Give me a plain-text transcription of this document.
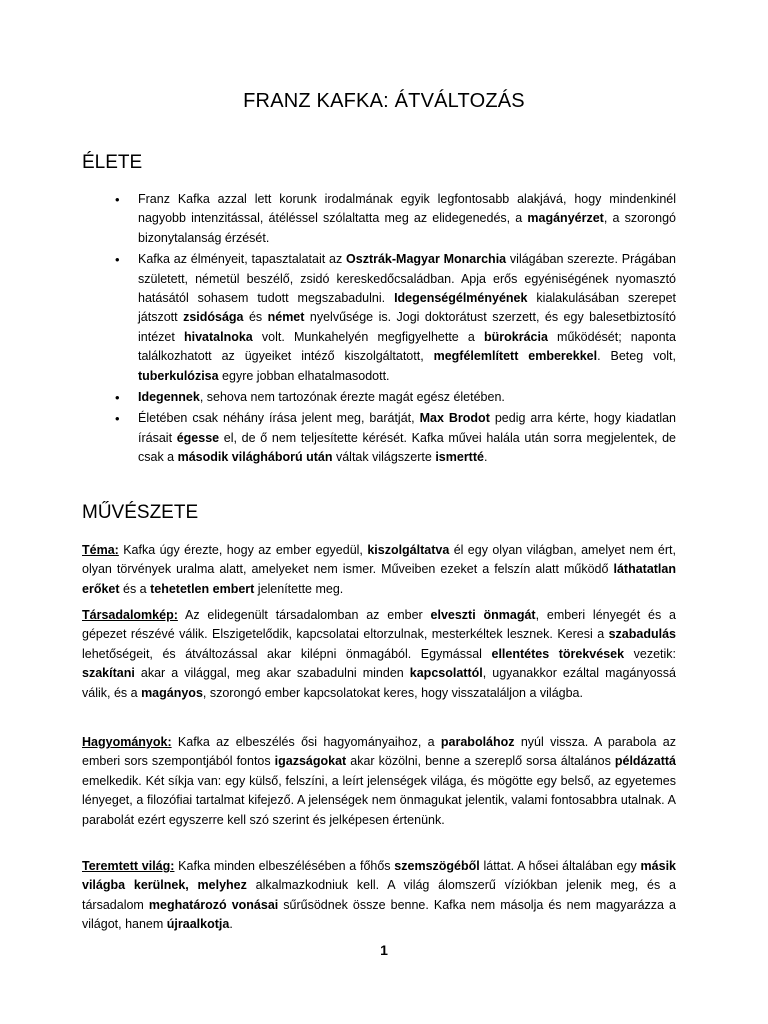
FRANZ KAFKA: ÁTVÁLTOZÁS
ÉLETE
• Franz Kafka azzal lett korunk irodalmának egyik legfontosabb alakjává, hogy mindenkinél nagyobb intenzitással, átéléssel szólaltatta meg az elidegenedés, a magányérzet, a szorongó bizonytalanság érzését.
• Kafka az élményeit, tapasztalatait az Osztrák-Magyar Monarchia világában szerezte. Prágában született, németül beszélő, zsidó kereskedőcsaládban. Apja erős egyéniségének nyomasztó hatásától sohasem tudott megszabadulni. Idegenségélményének kialakulásában szerepet játszott zsidósága és német nyelvűsége is. Jogi doktorátust szerzett, és egy balesetbiztosító intézet hivatalnoka volt. Munkahelyén megfigyelhette a bürokrácia működését; naponta találkozhatott az ügyeiket intéző kiszolgáltatott, megfélemlített emberekkel. Beteg volt, tuberkulózisa egyre jobban elhatalmasodott.
• Idegennek, sehova nem tartozónak érezte magát egész életében.
• Életében csak néhány írása jelent meg, barátját, Max Brodot pedig arra kérte, hogy kiadatlan írásait égesse el, de ő nem teljesítette kérését. Kafka művei halála után sorra megjelentek, de csak a második világháború után váltak világszerte ismertté.
MŰVÉSZETE

Téma: Kafka úgy érezte, hogy az ember egyedül, kiszolgáltatva él egy olyan világban, amelyet nem ért, olyan törvények uralma alatt, amelyeket nem ismer. Műveiben ezeket a felszín alatt működő láthatatlan erőket és a tehetetlen embert jelenítette meg.

Társadalomkép: Az elidegenült társadalomban az ember elveszti önmagát, emberi lényegét és a gépezet részévé válik. Elszigetelődik, kapcsolatai eltorzulnak, mesterkéltek lesznek. Keresi a szabadulás lehetőségeit, és átváltozással akar kilépni önmagából. Egymással ellentétes törekvések vezetik: szakítani akar a világgal, meg akar szabadulni minden kapcsolattól, ugyanakkor ezáltal magányossá válik, és a magányos, szorongó ember kapcsolatokat keres, hogy visszataláljon a világba.

Hagyományok: Kafka az elbeszélés ősi hagyományaihoz, a parabolához nyúl vissza. A parabola az emberi sors szempontjából fontos igazságokat akar közölni, benne a szereplő sorsa általános példázattá emelkedik. Két síkja van: egy külső, felszíni, a leírt jelenségek világa, és mögötte egy belső, az egyetemes lényeget, a filozófiai tartalmat kifejező. A jelenségek nem önmagukat jelentik, valami fontosabbra utalnak. A parabolát ezért egyszerre kell szó szerint és jelképesen értenünk.

Teremtett világ: Kafka minden elbeszélésében a főhős szemszögéből láttat. A hősei általában egy másik világba kerülnek, melyhez alkalmazkodniuk kell. A világ álomszerű víziókban jelenik meg, és a társadalom meghatározó vonásai sűrűsödnek össze benne. Kafka nem másolja és nem magyarázza a világot, hanem újraalkotja.

1
